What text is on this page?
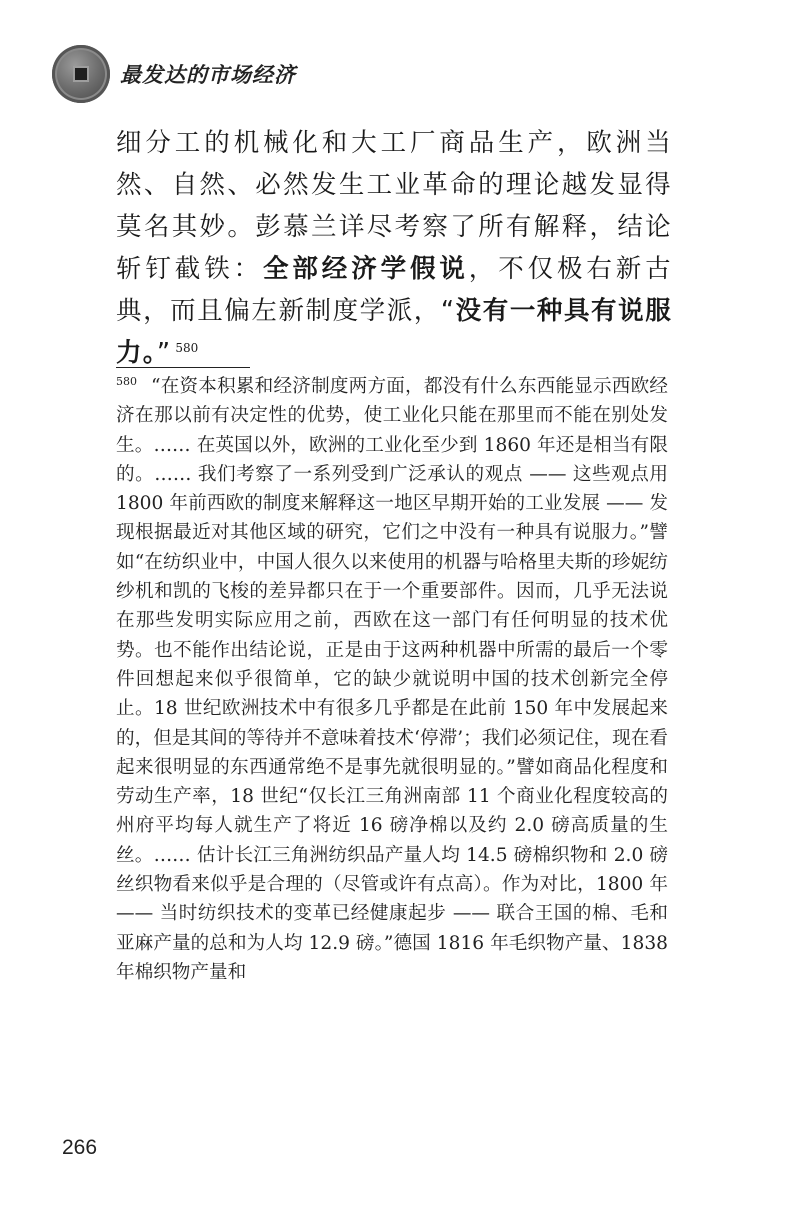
最发达的市场经济

细分工的机械化和大工厂商品生产，欧洲当然、自然、必然发生工业革命的理论越发显得莫名其妙。彭慕兰详尽考察了所有解释，结论斩钉截铁：全部经济学假说，不仅极右新古典，而且偏左新制度学派，“没有一种具有说服力。” $^{580}$

$^{580}$ “在资本积累和经济制度两方面，都没有什么东西能显示西欧经济在那以前有决定性的优势，使工业化只能在那里而不能在别处发生。…… 在英国以外，欧洲的工业化至少到 1860 年还是相当有限的。…… 我们考察了一系列受到广泛承认的观点 —— 这些观点用 1800 年前西欧的制度来解释这一地区早期开始的工业发展 —— 发现根据最近对其他区域的研究，它们之中没有一种具有说服力。”譬如“在纺织业中，中国人很久以来使用的机器与哈格里夫斯的珍妮纺纱机和凯的飞梭的差异都只在于一个重要部件。因而，几乎无法说在那些发明实际应用之前，西欧在这一部门有任何明显的技术优势。也不能作出结论说，正是由于这两种机器中所需的最后一个零件回想起来似乎很简单，它的缺少就说明中国的技术创新完全停止。18 世纪欧洲技术中有很多几乎都是在此前 150 年中发展起来的，但是其间的等待并不意味着技术‘停滞’；我们必须记住，现在看起来很明显的东西通常绝不是事先就很明显的。”譬如商品化程度和劳动生产率，18 世纪“仅长江三角洲南部 11 个商业化程度较高的州府平均每人就生产了将近 16 磅净棉以及约 2.0 磅高质量的生丝。…… 估计长江三角洲纺织品产量人均 14.5 磅棉织物和 2.0 磅丝织物看来似乎是合理的（尽管或许有点高）。作为对比，1800 年 —— 当时纺织技术的变革已经健康起步 —— 联合王国的棉、毛和亚麻产量的总和为人均 12.9 磅。”德国 1816 年毛织物产量、1838 年棉织物产量和

266
